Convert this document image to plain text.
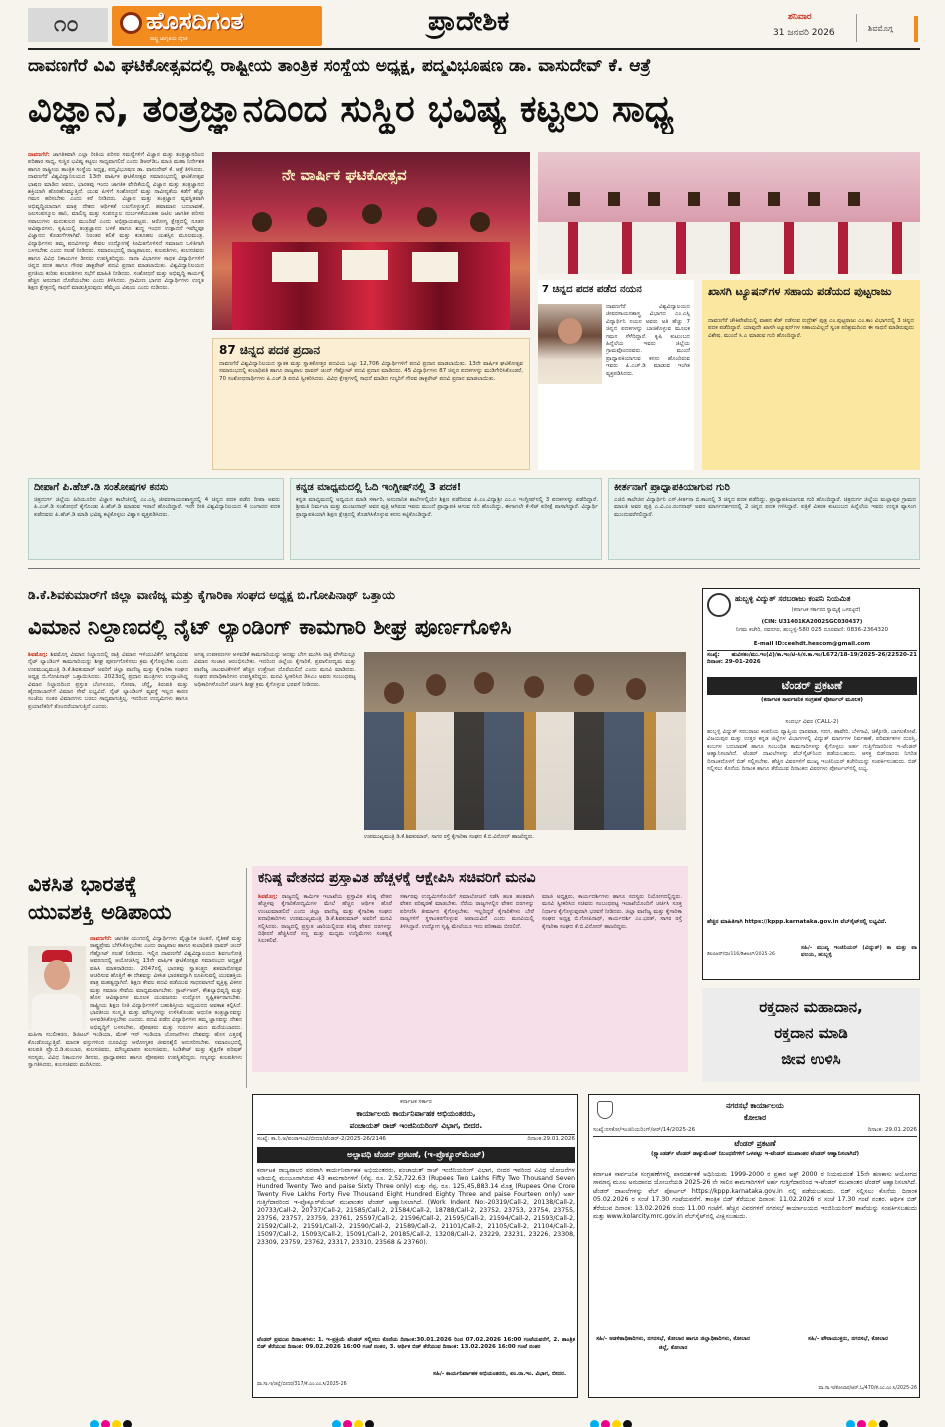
೧೦	ಹೊಸದಿಗಂತ
ರಾಷ್ಟ್ರ ಜಾಗೃತಿಯ ದೈನಿಕ
ಪ್ರಾದೇಶಿಕ	ಶನಿವಾರ
31 ಜನವರಿ 2026	ಶಿವಮೊಗ್ಗ
ದಾವಣಗೆರೆ ವಿವಿ ಘಟಿಕೋತ್ಸವದಲ್ಲಿ ರಾಷ್ಟ್ರೀಯ ತಾಂತ್ರಿಕ ಸಂಸ್ಥೆಯ ಅಧ್ಯಕ್ಷ, ಪದ್ಮವಿಭೂಷಣ ಡಾ. ವಾಸುದೇವ್ ಕೆ. ಆತ್ರೆ
ವಿಜ್ಞಾನ, ತಂತ್ರಜ್ಞಾನದಿಂದ ಸುಸ್ಥಿರ ಭವಿಷ್ಯ ಕಟ್ಟಲು ಸಾಧ್ಯ
ದಾವಣಗೆರೆ: ಜಾಗತಿಕವಾಗಿ ಎಲ್ಲಾ ರೀತಿಯ ಪರಿಸರ ಸಮಸ್ಯೆಗಳಿಗೆ ವಿಜ್ಞಾನ ಮತ್ತು ತಂತ್ರಜ್ಞಾನದಿಂದ ಪರಿಹಾರ ಸಾಧ್ಯ, ಸುಸ್ಥಿರ ಭವಿಷ್ಯ ಕಟ್ಟಲು ಸಾಧ್ಯವಾಗಲಿದೆ ಎಂದು ಡಿಆರ್‌ಡಿಒ ಮಾಜಿ ಮಹಾ ನಿರ್ದೇಶಕ ಹಾಗೂ ರಾಷ್ಟ್ರೀಯ ತಾಂತ್ರಿಕ ಸಂಸ್ಥೆಯ ಅಧ್ಯಕ್ಷ, ಪದ್ಮವಿಭೂಷಣ ಡಾ. ವಾಸುದೇವ್ ಕೆ. ಆತ್ರೆ ತಿಳಿಸಿದರು. ದಾವಣಗೆರೆ ವಿಶ್ವವಿದ್ಯಾನಿಲಯದ 13ನೇ ವಾರ್ಷಿಕ ಘಟಿಕೋತ್ಸವ ಸಮಾರಂಭದಲ್ಲಿ ಘಟಿಕೋತ್ಸವ ಭಾಷಣ ಮಾಡಿದ ಅವರು, ಭಾರತವು ಇಂದು ಜಾಗತಿಕ ವೇದಿಕೆಯಲ್ಲಿ ವಿಜ್ಞಾನ ಮತ್ತು ತಂತ್ರಜ್ಞಾನದ ಶಕ್ತಿಯಾಗಿ ಹೊರಹೊಮ್ಮುತ್ತಿದೆ. ಯುವ ಪೀಳಿಗೆ ಸಂಶೋಧನೆ ಮತ್ತು ನಾವೀನ್ಯತೆಯ ಕಡೆಗೆ ಹೆಚ್ಚು ಗಮನ ಹರಿಸಬೇಕು ಎಂದು ಕರೆ ನೀಡಿದರು. ವಿಜ್ಞಾನ ಮತ್ತು ತಂತ್ರಜ್ಞಾನ ವ್ಯವಸ್ಥಿತವಾಗಿ ಅಭಿವೃದ್ಧಿಯಾದಾಗ ಮಾತ್ರ ದೇಶದ ಆರ್ಥಿಕತೆ ಬಲಗೊಳ್ಳುತ್ತದೆ. ಹವಾಮಾನ ಬದಲಾವಣೆ, ಜಲಸಂಪನ್ಮೂಲ ಹಾನಿ, ಮಾಲಿನ್ಯ ಮತ್ತು ಸಂಪನ್ಮೂಲ ದುರ್ಬಳಕೆಯಂತಹ ಜಟಿಲ ಜಾಗತಿಕ ಪರಿಸರ ಸವಾಲುಗಳು ಮನುಕುಲದ ಮುಂದಿವೆ ಎಂದು ಅಭಿಪ್ರಾಯಪಟ್ಟರು. ಆರೋಗ್ಯ ಕ್ಷೇತ್ರದಲ್ಲಿ ನೂತನ ಆವಿಷ್ಕಾರಗಳು, ಕೃಷಿಯಲ್ಲಿ ತಂತ್ರಜ್ಞಾನದ ಬಳಕೆ ಹಾಗೂ ಶುದ್ಧ ಇಂಧನ ಉತ್ಪಾದನೆ ಇವೆಲ್ಲವೂ ವಿಜ್ಞಾನದ ಕೊಡುಗೆಗಳಾಗಿವೆ. ನಿರಂತರ ಕಲಿಕೆ ಮತ್ತು ಕುತೂಹಲ ಯಶಸ್ಸಿನ ಮೂಲಮಂತ್ರ. ವಿದ್ಯಾರ್ಥಿಗಳು ತಮ್ಮ ಪದವಿಗಳನ್ನು ಕೇವಲ ಉದ್ಯೋಗಕ್ಕೆ ಸೀಮಿತಗೊಳಿಸದೆ ಸಮಾಜದ ಒಳಿತಿಗಾಗಿ ಬಳಸಬೇಕು ಎಂದು ಸಲಹೆ ನೀಡಿದರು. ಸಮಾರಂಭದಲ್ಲಿ ರಾಜ್ಯಪಾಲರು, ಕುಲಪತಿಗಳು, ಕುಲಸಚಿವರು ಹಾಗೂ ವಿವಿಧ ನಿಕಾಯಗಳ ಡೀನರು ಉಪಸ್ಥಿತರಿದ್ದರು. ನಾನಾ ವಿಭಾಗಗಳ ಸಾಧಕ ವಿದ್ಯಾರ್ಥಿಗಳಿಗೆ ಚಿನ್ನದ ಪದಕ ಹಾಗೂ ಗೌರವ ಡಾಕ್ಟರೇಟ್ ಪದವಿ ಪ್ರದಾನ ಮಾಡಲಾಯಿತು. ವಿಶ್ವವಿದ್ಯಾನಿಲಯದ ಪ್ರಗತಿಯ ಕುರಿತು ಕುಲಪತಿಗಳು ಸಭೆಗೆ ಮಾಹಿತಿ ನೀಡಿದರು. ಸಂಶೋಧನೆ ಮತ್ತು ಅಭಿವೃದ್ಧಿ ಕಾರ್ಯಕ್ಕೆ ಹೆಚ್ಚಿನ ಅನುದಾನ ದೊರೆಯಬೇಕು ಎಂದು ತಿಳಿಸಿದರು. ಗ್ರಾಮೀಣ ಭಾಗದ ವಿದ್ಯಾರ್ಥಿಗಳು ಉನ್ನತ ಶಿಕ್ಷಣ ಕ್ಷೇತ್ರದಲ್ಲಿ ಸಾಧನೆ ಮಾಡುತ್ತಿರುವುದು ಹೆಮ್ಮೆಯ ವಿಷಯ ಎಂದು ನುಡಿದರು.
ನೇ ವಾರ್ಷಿಕ ಘಟಿಕೋತ್ಸವ
87 ಚಿನ್ನದ ಪದಕ ಪ್ರದಾನ
ದಾವಣಗೆರೆ ವಿಶ್ವವಿದ್ಯಾನಿಲಯದ ಸ್ನಾತಕ ಮತ್ತು ಸ್ನಾತಕೋತ್ತರ ಪದವಿಯ ಒಟ್ಟು 12,706 ವಿದ್ಯಾರ್ಥಿಗಳಿಗೆ ಪದವಿ ಪ್ರದಾನ ಮಾಡಲಾಯಿತು. 13ನೇ ವಾರ್ಷಿಕ ಘಟಿಕೋತ್ಸವ ಸಮಾರಂಭದಲ್ಲಿ ಕುಲಾಧಿಪತಿ ಹಾಗೂ ರಾಜ್ಯಪಾಲ ಥಾವರ್ ಚಂದ್ ಗೆಹ್ಲೋಟ್ ಪದವಿ ಪ್ರದಾನ ಮಾಡಿದರು. 45 ವಿದ್ಯಾರ್ಥಿಗಳು 87 ಚಿನ್ನದ ಪದಕಗಳನ್ನು ಮುಡಿಗೇರಿಸಿಕೊಂಡರೆ, 70 ಸಂಶೋಧನಾರ್ಥಿಗಳು ಪಿ.ಎಚ್.ಡಿ ಪದವಿ ಸ್ವೀಕರಿಸಿದರು. ವಿವಿಧ ಕ್ಷೇತ್ರಗಳಲ್ಲಿ ಸಾಧನೆ ಮಾಡಿದ ಗಣ್ಯರಿಗೆ ಗೌರವ ಡಾಕ್ಟರೇಟ್ ಪದವಿ ಪ್ರದಾನ ಮಾಡಲಾಯಿತು.
7 ಚಿನ್ನದ ಪದಕ ಪಡೆದ ನಯನ
ದಾವಣಗೆರೆ ವಿಶ್ವವಿದ್ಯಾಲಯದ ಜೀವರಸಾಯನಶಾಸ್ತ್ರ ವಿಭಾಗದ ಎಂ.ಎಸ್ಸಿ ವಿದ್ಯಾರ್ಥಿನಿ ನಯನ ಅವರು ಅತಿ ಹೆಚ್ಚು 7 ಚಿನ್ನದ ಪದಕಗಳನ್ನು ಬಾಚಿಕೊಳ್ಳುವ ಮೂಲಕ ಗಮನ ಸೆಳೆದಿದ್ದಾರೆ. ಕೃಷಿ ಕುಟುಂಬದ ಹಿನ್ನೆಲೆಯ ಇವರು ಜಿಲ್ಲೆಯ ಗ್ರಾಮವೊಂದರವರು. ಮುಂದೆ ಪ್ರಾಧ್ಯಾಪಕಿಯಾಗುವ ಕನಸು ಹೊಂದಿರುವ ಇವರು ಪಿ.ಎಚ್.ಡಿ ಮಾಡುವ ಇಂಗಿತ ವ್ಯಕ್ತಪಡಿಸಿದರು.
ಖಾಸಗಿ ಟ್ಯೂಷನ್‌ಗಳ ಸಹಾಯ ಪಡೆಯದ ಪುಟ್ಟರಾಜು
ದಾವಣಗೆರೆ ಚೌಕಿಪೇಟೆಯಲ್ಲಿ ವಾಹನ ಶೆಡ್ ನಡೆಸುವ ರುದ್ರೇಶ್ ಪುತ್ರ ಎಂ.ಪುಟ್ಟರಾಜು ಎಂ.ಕಾಂ ವಿಭಾಗದಲ್ಲಿ 3 ಚಿನ್ನದ ಪದಕ ಪಡೆದಿದ್ದಾರೆ. ಯಾವುದೇ ಖಾಸಗಿ ಟ್ಯೂಷನ್‌ಗಳ ಸಹಾಯವಿಲ್ಲದೆ ಸ್ವಂತ ಪರಿಶ್ರಮದಿಂದ ಈ ಸಾಧನೆ ಮಾಡಿರುವುದು ವಿಶೇಷ. ಮುಂದೆ ಸಿ.ಎ ಮಾಡುವ ಗುರಿ ಹೊಂದಿದ್ದಾರೆ.
ದೀಪಾಗೆ ಪಿ.ಹೆಚ್.ಡಿ ಸಂತೋಷಗಳ ಕನಸು
ಚಿತ್ರದುರ್ಗ ಜಿಲ್ಲೆಯ ಹಿರಿಯೂರಿನ ವಿಜ್ಞಾನ ಕಾಲೇಜಿನಲ್ಲಿ ಎಂ.ಎಸ್ಸಿ ಜೀವರಸಾಯನಶಾಸ್ತ್ರದಲ್ಲಿ 4 ಚಿನ್ನದ ಪದಕ ಪಡೆದ ದೀಪಾ ಅವರು ಪಿ.ಎಚ್.ಡಿ ಸಂಶೋಧನೆ ಕೈಗೊಂಡು ಪಿ.ಹೆಚ್.ಡಿ ಮಾಡುವ ಇರಾದೆ ಹೊಂದಿದ್ದಾರೆ. ಇದೇ ರೀತಿ ವಿಶ್ವವಿದ್ಯಾನಿಲಯದ 4 ಬಂಗಾರದ ಪದಕ ಪಡೆದವರು ಪಿ.ಹೆಚ್.ಡಿ ಮಾಡಿ ಭವಿಷ್ಯ ಕಟ್ಟಿಕೊಳ್ಳಲು ವಿಶ್ವಾಸ ವ್ಯಕ್ತಪಡಿಸಿದರು.
ಕನ್ನಡ ಮಾಧ್ಯಮದಲ್ಲಿ ಓದಿ ಇಂಗ್ಲೀಷ್‌ನಲ್ಲಿ 3 ಪದಕ!
ಕನ್ನಡ ಮಾಧ್ಯಮದಲ್ಲಿ ಅಧ್ಯಯನ ಮಾಡಿ ಸರ್ಕಾರಿ, ಅನುದಾನಿತ ಶಾಲೆಗಳಲ್ಲಿಯೇ ಶಿಕ್ಷಣ ಪಡೆದಿರುವ ಪಿ.ಎಂ.ವಿದ್ಯಾಶ್ರೀ ಎಂ.ಎ ಇಂಗ್ಲೀಷ್‌ನಲ್ಲಿ 3 ಪದಕಗಳನ್ನು ಪಡೆದಿದ್ದಾರೆ. ಶ್ರೀಮತಿ ನಿರ್ಮಲಾ ಮತ್ತು ಮಂಜುನಾಥ್ ಅವರ ಪುತ್ರಿ ಆಗಿರುವ ಇವರು ಮುಂದೆ ಪ್ರಾಧ್ಯಾಪಕಿ ಆಗುವ ಗುರಿ ಹೊಂದಿದ್ದು, ಈಗಾಗಲೇ ಕೆ-ಸೆಟ್ ಪರೀಕ್ಷೆ ಪಾಸಾಗಿದ್ದಾರೆ. ವಿದ್ಯಾರ್ಥಿ ಪ್ರಾಧ್ಯಾಪಕಿಯಾಗಿ ಶಿಕ್ಷಣ ಕ್ಷೇತ್ರದಲ್ಲಿ ತೊಡಗಿಸಿಕೊಳ್ಳುವ ಕನಸು ಕಟ್ಟಿಕೊಂಡಿದ್ದಾರೆ.
ಕೀರ್ತನಾಗೆ ಪ್ರಾಧ್ಯಾಪಕಿಯಾಗುವ ಗುರಿ
ಎಜಿಬಿ ಕಾಲೇಜಿನ ವಿದ್ಯಾರ್ಥಿನಿ ಎಸ್.ಕೀರ್ತನಾ ಬಿ.ಕಾಂನಲ್ಲಿ 3 ಚಿನ್ನದ ಪದಕ ಪಡೆದಿದ್ದು, ಪ್ರಾಧ್ಯಾಪಕಿಯಾಗುವ ಗುರಿ ಹೊಂದಿದ್ದಾರೆ. ಚಿತ್ರದುರ್ಗ ಜಿಲ್ಲೆಯ ಮಲ್ಲಾಪುರ ಗ್ರಾಮದ ಮಾಲತಿ ಅವರ ಪುತ್ರಿ ಎ.ವಿ.ಎಂ.ರಂಗನಾಥ್ ಅವರ ಮಾರ್ಗದರ್ಶನದಲ್ಲಿ 2 ಚಿನ್ನದ ಪದಕ ಗಳಿಸಿದ್ದಾರೆ. ಪತ್ರಿಕೆ ವಿತರಕ ಕುಟುಂಬದ ಹಿನ್ನೆಲೆಯ ಇವರು ಉನ್ನತ ವ್ಯಾಸಂಗ ಮುಂದುವರೆಸಲಿದ್ದಾರೆ.
ಡಿ.ಕೆ.ಶಿವಕುಮಾರ್‌ಗೆ ಜಿಲ್ಲಾ ವಾಣಿಜ್ಯ ಮತ್ತು ಕೈಗಾರಿಕಾ ಸಂಘದ ಅಧ್ಯಕ್ಷ ಬಿ.ಗೋಪಿನಾಥ್ ಒತ್ತಾಯ
ವಿಮಾನ ನಿಲ್ದಾಣದಲ್ಲಿ ನೈಟ್ ಲ್ಯಾಂಡಿಂಗ್ ಕಾಮಗಾರಿ ಶೀಘ್ರ ಪೂರ್ಣಗೊಳಿಸಿ
ಶಿವಮೊಗ್ಗ: ಶಿವಮೊಗ್ಗ ವಿಮಾನ ನಿಲ್ದಾಣದಲ್ಲಿ ರಾತ್ರಿ ವಿಮಾನ ಇಳಿಯುವಿಕೆಗೆ ಅಗತ್ಯವಿರುವ ನೈಟ್ ಲ್ಯಾಂಡಿಂಗ್ ಕಾಮಗಾರಿಯನ್ನು ಶೀಘ್ರ ಪೂರ್ಣಗೊಳಿಸಲು ಕ್ರಮ ಕೈಗೊಳ್ಳಬೇಕು ಎಂದು ಉಪಮುಖ್ಯಮಂತ್ರಿ ಡಿ.ಕೆ.ಶಿವಕುಮಾರ್ ಅವರಿಗೆ ಜಿಲ್ಲಾ ವಾಣಿಜ್ಯ ಮತ್ತು ಕೈಗಾರಿಕಾ ಸಂಘದ ಅಧ್ಯಕ್ಷ ಬಿ.ಗೋಪಿನಾಥ್ ಒತ್ತಾಯಿಸಿದರು. 2023ರಲ್ಲಿ ಪ್ರಧಾನ ಮಂತ್ರಿಗಳು ಉದ್ಘಾಟಿಸಿದ್ದ ವಿಮಾನ ನಿಲ್ದಾಣದಿಂದ ಪ್ರಸ್ತುತ ಬೆಂಗಳೂರು, ಗೋವಾ, ಚೆನ್ನೈ, ತಿರುಪತಿ ಮತ್ತು ಹೈದರಾಬಾದ್‌ಗೆ ವಿಮಾನ ಸೇವೆ ಲಭ್ಯವಿದೆ. ನೈಟ್ ಲ್ಯಾಂಡಿಂಗ್ ವ್ಯವಸ್ಥೆ ಇಲ್ಲದ ಕಾರಣ ಸಂಜೆಯ ನಂತರ ವಿಮಾನಗಳು ಬರಲು ಸಾಧ್ಯವಾಗುತ್ತಿಲ್ಲ. ಇದರಿಂದ ಉದ್ಯಮಿಗಳು ಹಾಗೂ ಪ್ರಯಾಣಿಕರಿಗೆ ತೊಂದರೆಯಾಗುತ್ತಿದೆ ಎಂದರು.
ಅಗತ್ಯ ಉಪಕರಣಗಳ ಅಳವಡಿಕೆ ಕಾಮಗಾರಿಯನ್ನು ಆದಷ್ಟು ಬೇಗ ಮುಗಿಸಿ ರಾತ್ರಿ ವೇಳೆಯಲ್ಲೂ ವಿಮಾನ ಸಂಚಾರ ಆರಂಭಿಸಬೇಕು. ಇದರಿಂದ ಜಿಲ್ಲೆಯ ಕೈಗಾರಿಕೆ, ಪ್ರವಾಸೋದ್ಯಮ ಮತ್ತು ವಾಣಿಜ್ಯ ಚಟುವಟಿಕೆಗಳಿಗೆ ಹೆಚ್ಚಿನ ಉತ್ತೇಜನ ದೊರೆಯಲಿದೆ ಎಂದು ಮನವಿ ಮಾಡಿದರು. ಸಂಘದ ಪದಾಧಿಕಾರಿಗಳು ಉಪಸ್ಥಿತರಿದ್ದರು. ಮನವಿ ಸ್ವೀಕರಿಸಿದ ಡಿಸಿಎಂ ಅವರು ಸಂಬಂಧಪಟ್ಟ ಅಧಿಕಾರಿಗಳೊಂದಿಗೆ ಚರ್ಚಿಸಿ ಶೀಘ್ರ ಕ್ರಮ ಕೈಗೊಳ್ಳುವ ಭರವಸೆ ನೀಡಿದರು.
ಉಪಮುಖ್ಯಮಂತ್ರಿ ಡಿ.ಕೆ.ಶಿವಕುಮಾರ್, ಸಾಗರ ರಸ್ತೆ ಕೈಗಾರಿಕಾ ಸಂಘದ ಕೆ.ಬಿ.ವಿನೋದ್ ಹಾಜರಿದ್ದರು.
ಹುಬ್ಬಳ್ಳಿ ವಿದ್ಯುತ್ ಸರಬರಾಜು ಕಂಪನಿ ನಿಯಮಿತ
(ಕರ್ನಾಟಕ ಸರ್ಕಾರದ ಸ್ವಾಮ್ಯಕ್ಕೆ ಒಳಪಟ್ಟಿದೆ)
(CIN: U31401KA2002SGC030437)
ನಿಗಮ ಕಚೇರಿ, ನವನಗರ, ಹುಬ್ಬಳ್ಳಿ-580 025 ದೂರವಾಣಿ: 0836-2364320
E-mail ID:ceehdt.hescom@gmail.com
ಸಂಖ್ಯೆ: ಹುವಿಸಕಂ/ಮು.ಇಂ(ವಿ)/ಕಾ.ಇಂ/ಟಿ-ಸಿ/ಸ.ಕಾ.ಇಂ/L672/18-19/2025-26/22520-21 ದಿನಾಂಕ: 29-01-2026
ಟೆಂಡರ್ ಪ್ರಕಟಣೆ
(ಕರ್ನಾಟಕ ಸಾರ್ವಜನಿಕ ಸಂಗ್ರಹಣೆ ಪೋರ್ಟಲ್ ಮೂಲಕ)
ಸಂದರ್ಭ ವಿವರ (CALL-2)
ಹುಬ್ಬಳ್ಳಿ ವಿದ್ಯುತ್ ಸರಬರಾಜು ಕಂಪನಿಯ ವ್ಯಾಪ್ತಿಯ ಧಾರವಾಡ, ಗದಗ, ಹಾವೇರಿ, ಬೆಳಗಾವಿ, ಚಿಕ್ಕೋಡಿ, ಬಾಗಲಕೋಟೆ, ವಿಜಯಪುರ ಮತ್ತು ಉತ್ತರ ಕನ್ನಡ ಜಿಲ್ಲೆಗಳ ವಿಭಾಗಗಳಲ್ಲಿ ವಿದ್ಯುತ್ ಮಾರ್ಗಗಳ ನಿರ್ವಹಣೆ, ಪರಿವರ್ತಕಗಳ ದುರಸ್ತಿ, ಕಂಬಗಳ ಬದಲಾವಣೆ ಹಾಗೂ ಸಂಬಂಧಿತ ಕಾಮಗಾರಿಗಳನ್ನು ಕೈಗೊಳ್ಳಲು ಅರ್ಹ ಗುತ್ತಿಗೆದಾರರಿಂದ ಇ-ಟೆಂಡರ್ ಆಹ್ವಾನಿಸಲಾಗಿದೆ. ಟೆಂಡರ್ ದಾಖಲೆಗಳನ್ನು ವೆಬ್‌ಸೈಟ್‌ನಿಂದ ಪಡೆಯಬಹುದು. ಆಸಕ್ತ ಬಿಡ್‌ದಾರರು ನಿಗದಿತ ದಿನಾಂಕದೊಳಗೆ ಬಿಡ್ ಸಲ್ಲಿಸಬೇಕು. ಹೆಚ್ಚಿನ ವಿವರಗಳಿಗೆ ಮುಖ್ಯ ಇಂಜಿನಿಯರ್ ಕಚೇರಿಯನ್ನು ಸಂಪರ್ಕಿಸಬಹುದು. ಬಿಡ್ ಸಲ್ಲಿಸಲು ಕೊನೆಯ ದಿನಾಂಕ ಹಾಗೂ ತೆರೆಯುವ ದಿನಾಂಕದ ವಿವರಗಳು ಪೋರ್ಟಲ್‌ನಲ್ಲಿ ಲಭ್ಯ.
ಹೆಚ್ಚಿನ ಮಾಹಿತಿಗಾಗಿ https://kppp.karnataka.gov.in ವೆಬ್‌ಸೈಟ್‌ನಲ್ಲಿ ಲಭ್ಯವಿದೆ.
ಡಿಐಪಿಆರ್/ಧಾ/116/ಡಿಜಿಟಲ್/2025-26
ಸಹಿ/- ಮುಖ್ಯ ಇಂಜಿನಿಯರ್ (ವಿದ್ಯುತ್) ಕಾ ಮತ್ತು ಪಾ ವಲಯ, ಹುಬ್ಬಳ್ಳಿ
ರಕ್ತದಾನ ಮಹಾದಾನ,
ರಕ್ತದಾನ ಮಾಡಿ
ಜೀವ ಉಳಿಸಿ
ವಿಕಸಿತ ಭಾರತಕ್ಕೆ
ಯುವಶಕ್ತಿ ಅಡಿಪಾಯ
ದಾವಣಗೆರೆ: ಜಾಗತಿಕ ಯುಗದಲ್ಲಿ ವಿದ್ಯಾರ್ಥಿಗಳು ವೈಜ್ಞಾನಿಕ ಚಿಂತನೆ, ನೈತಿಕತೆ ಮತ್ತು ರಾಷ್ಟ್ರಪ್ರೇಮ ಬೆಳೆಸಿಕೊಳ್ಳಬೇಕು ಎಂದು ರಾಜ್ಯಪಾಲ ಹಾಗೂ ಕುಲಾಧಿಪತಿ ಥಾವರ್ ಚಂದ್ ಗೆಹ್ಲೋಟ್ ಸಲಹೆ ನೀಡಿದರು. ಇಲ್ಲಿನ ದಾವಣಗೆರೆ ವಿಶ್ವವಿದ್ಯಾಲಯದ ಶಿವಗಂಗೋತ್ರಿ ಆವರಣದಲ್ಲಿ ಆಯೋಜಿಸಿದ್ದ 13ನೇ ವಾರ್ಷಿಕ ಘಟಿಕೋತ್ಸವ ಸಮಾರಂಭದ ಅಧ್ಯಕ್ಷತೆ ವಹಿಸಿ ಮಾತನಾಡಿದರು. 2047ರಲ್ಲಿ ಭಾರತವು ಸ್ವಾತಂತ್ರ್ಯದ ಶತಮಾನೋತ್ಸವ ಆಚರಿಸುವ ಹೊತ್ತಿಗೆ ಈ ದೇಶವನ್ನು ವಿಕಸಿತ ಭಾರತವನ್ನಾಗಿ ರೂಪಿಸುವಲ್ಲಿ ಯುವಶಕ್ತಿಯ ಪಾತ್ರ ಮಹತ್ವದ್ದಾಗಿದೆ. ಶಿಕ್ಷಣ ಕೇವಲ ಪದವಿ ಪಡೆಯುವ ಸಾಧನವಾಗದೆ ವ್ಯಕ್ತಿತ್ವ ವಿಕಸನ ಮತ್ತು ಸಮಾಜ ಸೇವೆಯ ಮಾಧ್ಯಮವಾಗಬೇಕು. ಸ್ಟಾರ್ಟ್‌ಅಪ್, ಕೌಶಲ್ಯಾಭಿವೃದ್ಧಿ ಮತ್ತು ಹೊಸ ಆವಿಷ್ಕಾರಗಳ ಮೂಲಕ ಯುವಜನರು ಉದ್ಯೋಗ ಸೃಷ್ಟಿಕರ್ತರಾಗಬೇಕು. ರಾಷ್ಟ್ರೀಯ ಶಿಕ್ಷಣ ನೀತಿ ವಿದ್ಯಾರ್ಥಿಗಳಿಗೆ ಬಹುಶಿಸ್ತೀಯ ಅಧ್ಯಯನದ ಅವಕಾಶ ಕಲ್ಪಿಸಿದೆ. ಭಾರತೀಯ ಸಂಸ್ಕೃತಿ ಮತ್ತು ಮೌಲ್ಯಗಳನ್ನು ಉಳಿಸಿಕೊಂಡು ಆಧುನಿಕ ತಂತ್ರಜ್ಞಾನವನ್ನು ಅಳವಡಿಸಿಕೊಳ್ಳಬೇಕು ಎಂದರು. ಪದವಿ ಪಡೆದ ವಿದ್ಯಾರ್ಥಿಗಳು ತಮ್ಮ ಜ್ಞಾನವನ್ನು ದೇಶದ ಅಭಿವೃದ್ಧಿಗೆ ಬಳಸಬೇಕು, ಪೋಷಕರು ಮತ್ತು ಗುರುಗಳ ಋಣ ಮರೆಯಬಾರದು. ಮಹಿಳಾ ಸಬಲೀಕರಣ, ಡಿಜಿಟಲ್ ಇಂಡಿಯಾ, ಮೇಕ್ ಇನ್ ಇಂಡಿಯಾ ಯೋಜನೆಗಳು ದೇಶವನ್ನು ಹೊಸ ಎತ್ತರಕ್ಕೆ ಕೊಂಡೊಯ್ಯುತ್ತಿವೆ. ಮಾದಕ ವಸ್ತುಗಳಿಂದ ದೂರವಿದ್ದು ಆರೋಗ್ಯಕರ ಜೀವನಶೈಲಿ ಅನುಸರಿಸಬೇಕು. ಸಮಾರಂಭದಲ್ಲಿ ಕುಲಪತಿ ಪ್ರೊ.ಬಿ.ಡಿ.ಕುಂಬಾರ, ಕುಲಸಚಿವರು, ಮೌಲ್ಯಮಾಪನ ಕುಲಸಚಿವರು, ಸಿಂಡಿಕೇಟ್ ಮತ್ತು ಶೈಕ್ಷಣಿಕ ಪರಿಷತ್ ಸದಸ್ಯರು, ವಿವಿಧ ನಿಕಾಯಗಳ ಡೀನರು, ಪ್ರಾಧ್ಯಾಪಕರು ಹಾಗೂ ಪೋಷಕರು ಉಪಸ್ಥಿತರಿದ್ದರು. ಗಣ್ಯರನ್ನು ಕುಲಪತಿಗಳು ಸ್ವಾಗತಿಸಿದರು, ಕುಲಸಚಿವರು ವಂದಿಸಿದರು.
ಕನಿಷ್ಠ ವೇತನದ ಪ್ರಸ್ತಾವಿತ ಹೆಚ್ಚಳಕ್ಕೆ ಆಕ್ಷೇಪಿಸಿ ಸಚಿವರಿಗೆ ಮನವಿ
ಶಿವಮೊಗ್ಗ: ರಾಜ್ಯದಲ್ಲಿ ಕಾರ್ಮಿಕ ಇಲಾಖೆಯ ಪ್ರಸ್ತಾವಿತ ಕನಿಷ್ಠ ವೇತನ ಹೆಚ್ಚಳವು ಕೈಗಾರಿಕೋದ್ಯಮಿಗಳ ಮೇಲೆ ಹೆಚ್ಚಿನ ಆರ್ಥಿಕ ಹೊರೆ ಉಂಟುಮಾಡಲಿದೆ ಎಂದು ಜಿಲ್ಲಾ ವಾಣಿಜ್ಯ ಮತ್ತು ಕೈಗಾರಿಕಾ ಸಂಘದ ಪದಾಧಿಕಾರಿಗಳು ಉಪಮುಖ್ಯಮಂತ್ರಿ ಡಿ.ಕೆ.ಶಿವಕುಮಾರ್ ಅವರಿಗೆ ಮನವಿ ಸಲ್ಲಿಸಿದರು. ರಾಜ್ಯದಲ್ಲಿ ಪ್ರಸ್ತುತ ಜಾರಿಯಲ್ಲಿರುವ ಕನಿಷ್ಠ ವೇತನ ದರಗಳನ್ನು ದಿಢೀರನೆ ಹೆಚ್ಚಿಸಿದರೆ ಸಣ್ಣ ಮತ್ತು ಮಧ್ಯಮ ಉದ್ದಿಮೆಗಳು ಸಂಕಷ್ಟಕ್ಕೆ ಸಿಲುಕಲಿವೆ.
ಸರ್ಕಾರವು ಉದ್ಯಮಿಗಳೊಂದಿಗೆ ಸಮಾಲೋಚನೆ ನಡೆಸಿ ಹಂತ ಹಂತವಾಗಿ ವೇತನ ಪರಿಷ್ಕರಣೆ ಮಾಡಬೇಕು. ನೆರೆಯ ರಾಜ್ಯಗಳಲ್ಲಿನ ವೇತನ ದರಗಳನ್ನು ಪರಿಗಣಿಸಿ ತೀರ್ಮಾನ ಕೈಗೊಳ್ಳಬೇಕು. ಇಲ್ಲದಿದ್ದರೆ ಕೈಗಾರಿಕೆಗಳು ಬೇರೆ ರಾಜ್ಯಗಳಿಗೆ ಸ್ಥಳಾಂತರಗೊಳ್ಳುವ ಅಪಾಯವಿದೆ ಎಂದು ಮನವಿಯಲ್ಲಿ ತಿಳಿಸಿದ್ದಾರೆ. ಉದ್ಯೋಗ ಸೃಷ್ಟಿ ಮೇಲೆಯೂ ಇದು ಪರಿಣಾಮ ಬೀರಲಿದೆ.
ಮಾಜಿ ಅಧ್ಯಕ್ಷರು, ಕಾರ್ಯದರ್ಶಿಗಳು ಹಾಗೂ ಸದಸ್ಯರು ನಿಯೋಗದಲ್ಲಿದ್ದರು. ಮನವಿ ಸ್ವೀಕರಿಸಿದ ಸಚಿವರು ಸಂಬಂಧಪಟ್ಟ ಇಲಾಖೆಯೊಂದಿಗೆ ಚರ್ಚಿಸಿ ಸೂಕ್ತ ನಿರ್ಧಾರ ಕೈಗೊಳ್ಳುವುದಾಗಿ ಭರವಸೆ ನೀಡಿದರು. ಜಿಲ್ಲಾ ವಾಣಿಜ್ಯ ಮತ್ತು ಕೈಗಾರಿಕಾ ಸಂಘದ ಅಧ್ಯಕ್ಷ ಬಿ.ಗೋಪಿನಾಥ್, ಕಾರ್ಯದರ್ಶಿ ಎಂ.ಭರತ್, ಸಾಗರ ರಸ್ತೆ ಕೈಗಾರಿಕಾ ಸಂಘದ ಕೆ.ಬಿ.ವಿನೋದ್ ಹಾಜರಿದ್ದರು.
ಕರ್ನಾಟಕ ಸರ್ಕಾರ
ಕಾರ್ಯಾಲಯ ಕಾರ್ಯನಿರ್ವಾಹಕ ಅಭಿಯಂತರರು,
ಪಂಚಾಯತ್ ರಾಜ್ ಇಂಜಿನಿಯರಿಂಗ್ ವಿಭಾಗ, ಬೀದರ.
ಸಂಖ್ಯೆ: ಕಾ.ನಿ.ಅ/ಪಂರಾಇಂವಿ/ಬೀದರ/ಟೆಂಡರ್-2/2025-26/2146	ದಿನಾಂಕ:29.01.2026
ಅಲ್ಪಾವಧಿ ಟೆಂಡರ್ ಪ್ರಕಟಣೆ, (ಇ-ಪ್ರೊಕ್ಯೂರ್‌ಮೆಂಟ್)
ಕರ್ನಾಟಕ ರಾಜ್ಯಪಾಲರ ಪರವಾಗಿ ಕಾರ್ಯನಿರ್ವಾಹಕ ಅಭಿಯಂತರರು, ಪಂಚಾಯತ್ ರಾಜ್ ಇಂಜಿನಿಯರಿಂಗ್ ವಿಭಾಗ, ಬೀದರ ಇವರಿಂದ ವಿವಿಧ ಯೋಜನೆಗಳ ಅಡಿಯಲ್ಲಿ ಮಂಜೂರಾಗಿರುವ 43 ಕಾಮಗಾರಿಗಳಿಗೆ (ಸೆಪ್ಟ. ರೂ. 2,52,722.63 (Rupees Two Lakhs Fifty Two Thousand Seven Hundred Twenty Two and paise Sixty Three only) ಮತ್ತು ಸೆಪ್ಟ. ರೂ. 125,45,883.14 ಮೊತ್ತ (Rupees One Crore Twenty Five Lakhs Forty Five Thousand Eight Hundred Eighty Three and paise Fourteen only) ಅರ್ಹ ಗುತ್ತಿಗೆದಾರರಿಂದ ಇ-ಪ್ರೊಕ್ಯೂರ್‌ಮೆಂಟ್ ಮುಖಾಂತರ ಟೆಂಡರ್ ಆಹ್ವಾನಿಸಲಾಗಿದೆ. (Work Indent No:-20319/Call-2, 20138/Call-2, 20733/Call-2, 20737/Call-2, 21585/Call-2, 21584/Call-2, 18788/Call-2, 23752, 23753, 23754, 23755, 23756, 23757, 23759, 23761, 25597/Call-2, 21596/Call-2, 21595/Call-2, 21594/Call-2, 21593/Call-2, 21592/Call-2, 21591/Call-2, 21590/Call-2, 21589/Call-2, 21101/Call-2, 21105/Call-2, 21104/Call-2, 15097/Call-2, 15093/Call-2, 15091/Call-2, 20185/Call-2, 13208/Call-2, 23229, 23231, 23226, 23308, 23309, 23759, 23762, 23317, 23310, 23568 & 23760).
ಟೆಂಡರ್ ಪ್ರಮುಖ ದಿನಾಂಕಗಳು: 1. ಇ-ಪ್ರಕ್ರಿಯೆ ಟೆಂಡರ್ ಸಲ್ಲಿಸಲು ಕೊನೆಯ ದಿನಾಂಕ:30.01.2026 ರಿಂದ 07.02.2026 16:00 ಗಂಟೆಯವರೆಗೆ, 2. ತಾಂತ್ರಿಕ ಬಿಡ್ ತೆರೆಯುವ ದಿನಾಂಕ: 09.02.2026 16:00 ಗಂಟೆ ನಂತರ, 3. ಆರ್ಥಿಕ ಬಿಡ್ ತೆರೆಯುವ ದಿನಾಂಕ: 13.02.2026 16:00 ಗಂಟೆ ನಂತರ
ವಾ.ಸಾ.ಇ/ಜಿಲ್ಲೆ/ಬೀದರ/317/ಕೆ.ಎಂ.ಎಂ.ಸಿ/2025-26
ಸಹಿ/- ಕಾರ್ಯನಿರ್ವಾಹಕ ಅಭಿಯಂತರರು, ಪಂ.ರಾ.ಇಂ. ವಿಭಾಗ, ಬೀದರ.
ನಗರಸಭೆ ಕಾರ್ಯಾಲಯ
ಕೋಲಾರ
ಸಂಖ್ಯೆ:ನಸಕೋ/ಇಂಜಿನಿಯರಿಂಗ್/ಆರ್/14/2025-26	ದಿನಾಂಕ: 29.01.2026
ಟೆಂಡರ್ ಪ್ರಕಟಣೆ
(ಸ್ಟ್ಯಾಂಡರ್ಡ್ ಟೆಂಡರ್ ಡಾಕ್ಯುಮೆಂಟ್ ನಿಬಂಧನೆಗಳಿಗೆ ಒಳಪಟ್ಟು ಇ-ಟೆಂಡರ್ ಮುಖಾಂತರ ಟೆಂಡರ್ ಆಹ್ವಾನಿಸಲಾಗಿದೆ)
ಕರ್ನಾಟಕ ಸಾರ್ವಜನಿಕ ಸಂಗ್ರಹಣೆಗಳಲ್ಲಿ ಪಾರದರ್ಶಕತೆ ಅಧಿನಿಯಮ 1999-2000 ರ ಪ್ರಕಾರ ಅಕ್ಟ್ 2000 ರ ನಿಯಮದಂತೆ 15ನೇ ಹಣಕಾಸು ಆಯೋಗದ ಸಾಮಾನ್ಯ ಮೂಲ ಅನುದಾನದ ಯೋಜನೆಯಡಿ 2025-26 ನೇ ಸಾಲಿನ ಕಾಮಗಾರಿಗಳಿಗೆ ಅರ್ಹ ಗುತ್ತಿಗೆದಾರರಿಂದ ಇ-ಟೆಂಡರ್ ಮುಖಾಂತರ ಟೆಂಡರ್ ಆಹ್ವಾನಿಸಲಾಗಿದೆ. ಟೆಂಡರ್ ದಾಖಲೆಗಳನ್ನು ವೆಬ್ ಪೋರ್ಟಲ್ https://kppp.karnataka.gov.in ನಲ್ಲಿ ಪಡೆಯಬಹುದು. ಬಿಡ್ ಸಲ್ಲಿಸಲು ಕೊನೆಯ ದಿನಾಂಕ 05.02.2026 ರ ಸಂಜೆ 17.30 ಗಂಟೆಯವರೆಗೆ. ತಾಂತ್ರಿಕ ಬಿಡ್ ತೆರೆಯುವ ದಿನಾಂಕ: 11.02.2026 ರ ಸಂಜೆ 17.30 ಗಂಟೆ ನಂತರ. ಆರ್ಥಿಕ ಬಿಡ್ ತೆರೆಯುವ ದಿನಾಂಕ: 13.02.2026 ರಂದು 11.00 ಗಂಟೆಗೆ. ಹೆಚ್ಚಿನ ವಿವರಗಳಿಗೆ ನಗರಸಭೆ ಕಾರ್ಯಾಲಯದ ಇಂಜಿನಿಯರಿಂಗ್ ಶಾಖೆಯನ್ನು ಸಂಪರ್ಕಿಸಬಹುದು ಮತ್ತು www.kolarcity.mrc.gov.in ವೆಬ್‌ಸೈಟ್‌ನಲ್ಲಿ ವೀಕ್ಷಿಸಬಹುದು.
ಸಹಿ/- ಆಡಳಿತಾಧಿಕಾರಿಗಳು, ನಗರಸಭೆ, ಕೋಲಾರ ಹಾಗೂ ಜಿಲ್ಲಾಧಿಕಾರಿಗಳು, ಕೋಲಾರ ಜಿಲ್ಲೆ, ಕೋಲಾರ
ಸಹಿ/- ಪೌರಾಯುಕ್ತರು, ನಗರಸಭೆ, ಕೋಲಾರ
ವಾ.ಸಾ.ಇ/ಕೋಲಾರ/ಆರ್.ಓ/470/ಕೆ.ಎಂ.ಎಂ.ಸಿ/2025-26
